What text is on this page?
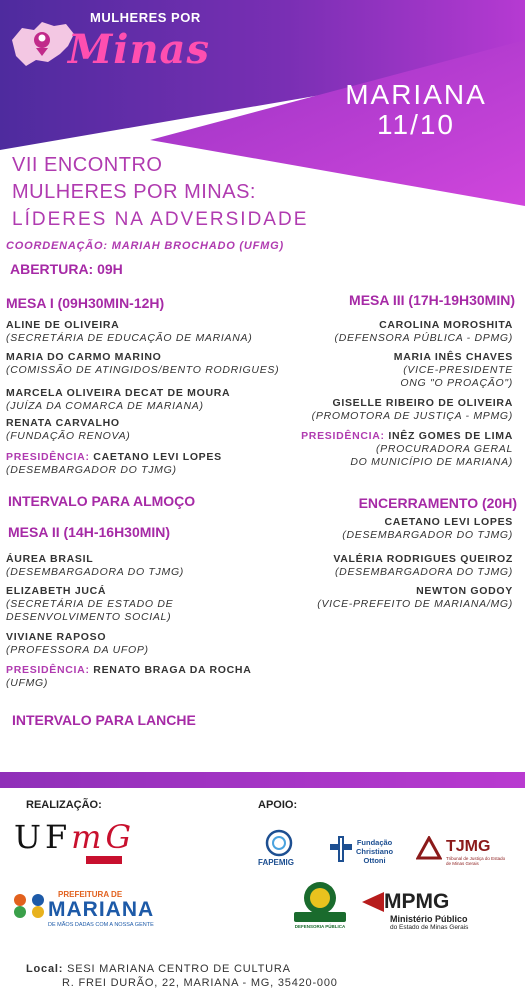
MULHERES POR
Minas
MARIANA
11/10
VII ENCONTRO
MULHERES POR MINAS:
LÍDERES NA ADVERSIDADE
COORDENAÇÃO: MARIAH BROCHADO (UFMG)
ABERTURA: 09H
MESA I (09H30MIN-12H)
ALINE DE OLIVEIRA
(SECRETÁRIA DE EDUCAÇÃO DE MARIANA)
MARIA DO CARMO MARINO
(COMISSÃO DE ATINGIDOS/BENTO RODRIGUES)
MARCELA OLIVEIRA DECAT DE MOURA
(JUÍZA DA COMARCA DE MARIANA)
RENATA CARVALHO
(FUNDAÇÃO RENOVA)
PRESIDÊNCIA: CAETANO LEVI LOPES
(DESEMBARGADOR DO TJMG)
INTERVALO PARA ALMOÇO
MESA II (14H-16H30MIN)
ÁUREA BRASIL
(DESEMBARGADORA DO TJMG)
ELIZABETH JUCÁ
(SECRETÁRIA DE ESTADO DE
DESENVOLVIMENTO SOCIAL)
VIVIANE RAPOSO
(PROFESSORA DA UFOP)
PRESIDÊNCIA: RENATO BRAGA DA ROCHA
(UFMG)
INTERVALO PARA LANCHE
MESA III (17H-19H30MIN)
CAROLINA MOROSHITA
(DEFENSORA PÚBLICA - DPMG)
MARIA INÊS CHAVES
(VICE-PRESIDENTE
ONG "O PROAÇÃO")
GISELLE RIBEIRO DE OLIVEIRA
(PROMOTORA DE JUSTIÇA - MPMG)
PRESIDÊNCIA: INÊZ GOMES DE LIMA
(PROCURADORA GERAL
DO MUNICÍPIO DE MARIANA)
ENCERRAMENTO (20H)
CAETANO LEVI LOPES
(DESEMBARGADOR DO TJMG)
VALÉRIA RODRIGUES QUEIROZ
(DESEMBARGADORA DO TJMG)
NEWTON GODOY
(VICE-PREFEITO DE MARIANA/MG)
REALIZAÇÃO:	APOIO:
UFmG
FAPEMIG
Fundação
Christiano
Ottoni
TJMG
Tribunal de Justiça do Estado de Minas Gerais
PREFEITURA DE
MARIANA
DE MÃOS DADAS COM A NOSSA GENTE	DEFENSORIA PÚBLICA
MPMG
Ministério Público
do Estado de Minas Gerais
Local: SESI MARIANA CENTRO DE CULTURA
R. FREI DURÃO, 22, MARIANA - MG, 35420-000
